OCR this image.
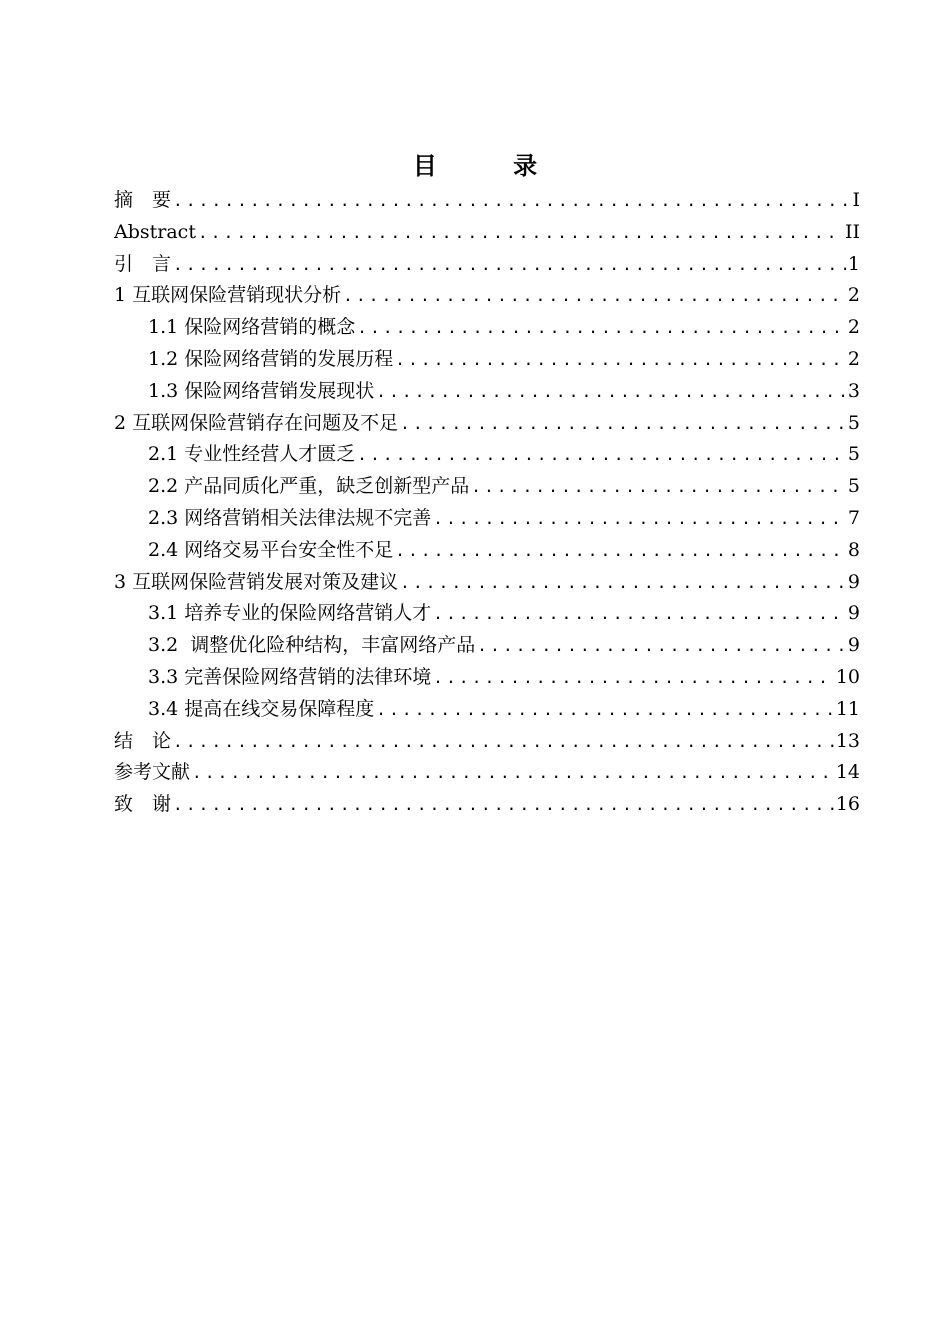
目 录
摘　要 .....	I
Abstract .....	II
引　言 .....	1
1 互联网保险营销现状分析 .....	2
1.1 保险网络营销的概念 .....	2
1.2 保险网络营销的发展历程 .....	2
1.3 保险网络营销发展现状 .....	3
2 互联网保险营销存在问题及不足 .....	5
2.1 专业性经营人才匮乏 .....	5
2.2 产品同质化严重，缺乏创新型产品 .....	5
2.3 网络营销相关法律法规不完善 .....	7
2.4 网络交易平台安全性不足 .....	8
3 互联网保险营销发展对策及建议 .....	9
3.1 培养专业的保险网络营销人才 .....	9
3.2  调整优化险种结构，丰富网络产品 .....	9
3.3 完善保险网络营销的法律环境 .....	10
3.4 提高在线交易保障程度 .....	11
结　论 .....	13
参考文献 .....	14
致　谢 .....	16
